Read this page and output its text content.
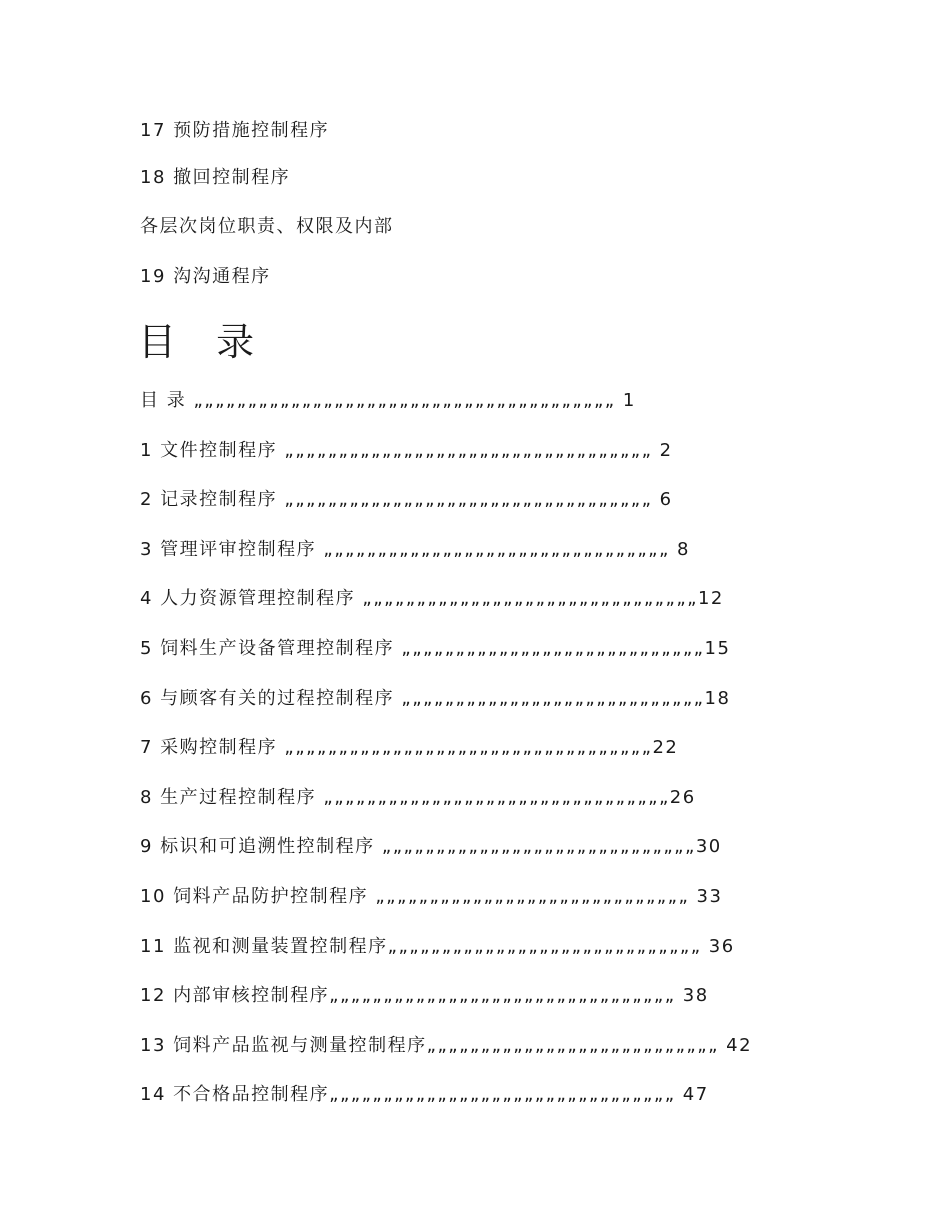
17 预防措施控制程序
18 撤回控制程序
各层次岗位职责、权限及内部
19 沟沟通程序
目 录
目 录 „„„„„„„„„„„„„„„„„„„„„„„„„„„„„„„„„„„„„„„ 1
1 文件控制程序 „„„„„„„„„„„„„„„„„„„„„„„„„„„„„„„„„„ 2
2 记录控制程序 „„„„„„„„„„„„„„„„„„„„„„„„„„„„„„„„„„ 6
3 管理评审控制程序 „„„„„„„„„„„„„„„„„„„„„„„„„„„„„„„„ 8
4 人力资源管理控制程序 „„„„„„„„„„„„„„„„„„„„„„„„„„„„„„„12
5 饲料生产设备管理控制程序 „„„„„„„„„„„„„„„„„„„„„„„„„„„„15
6 与顾客有关的过程控制程序 „„„„„„„„„„„„„„„„„„„„„„„„„„„„18
7 采购控制程序 „„„„„„„„„„„„„„„„„„„„„„„„„„„„„„„„„„22
8 生产过程控制程序 „„„„„„„„„„„„„„„„„„„„„„„„„„„„„„„„26
9 标识和可追溯性控制程序 „„„„„„„„„„„„„„„„„„„„„„„„„„„„„30
10 饲料产品防护控制程序 „„„„„„„„„„„„„„„„„„„„„„„„„„„„„ 33
11 监视和测量装置控制程序„„„„„„„„„„„„„„„„„„„„„„„„„„„„„ 36
12 内部审核控制程序„„„„„„„„„„„„„„„„„„„„„„„„„„„„„„„„ 38
13 饲料产品监视与测量控制程序„„„„„„„„„„„„„„„„„„„„„„„„„„„ 42
14 不合格品控制程序„„„„„„„„„„„„„„„„„„„„„„„„„„„„„„„„ 47
